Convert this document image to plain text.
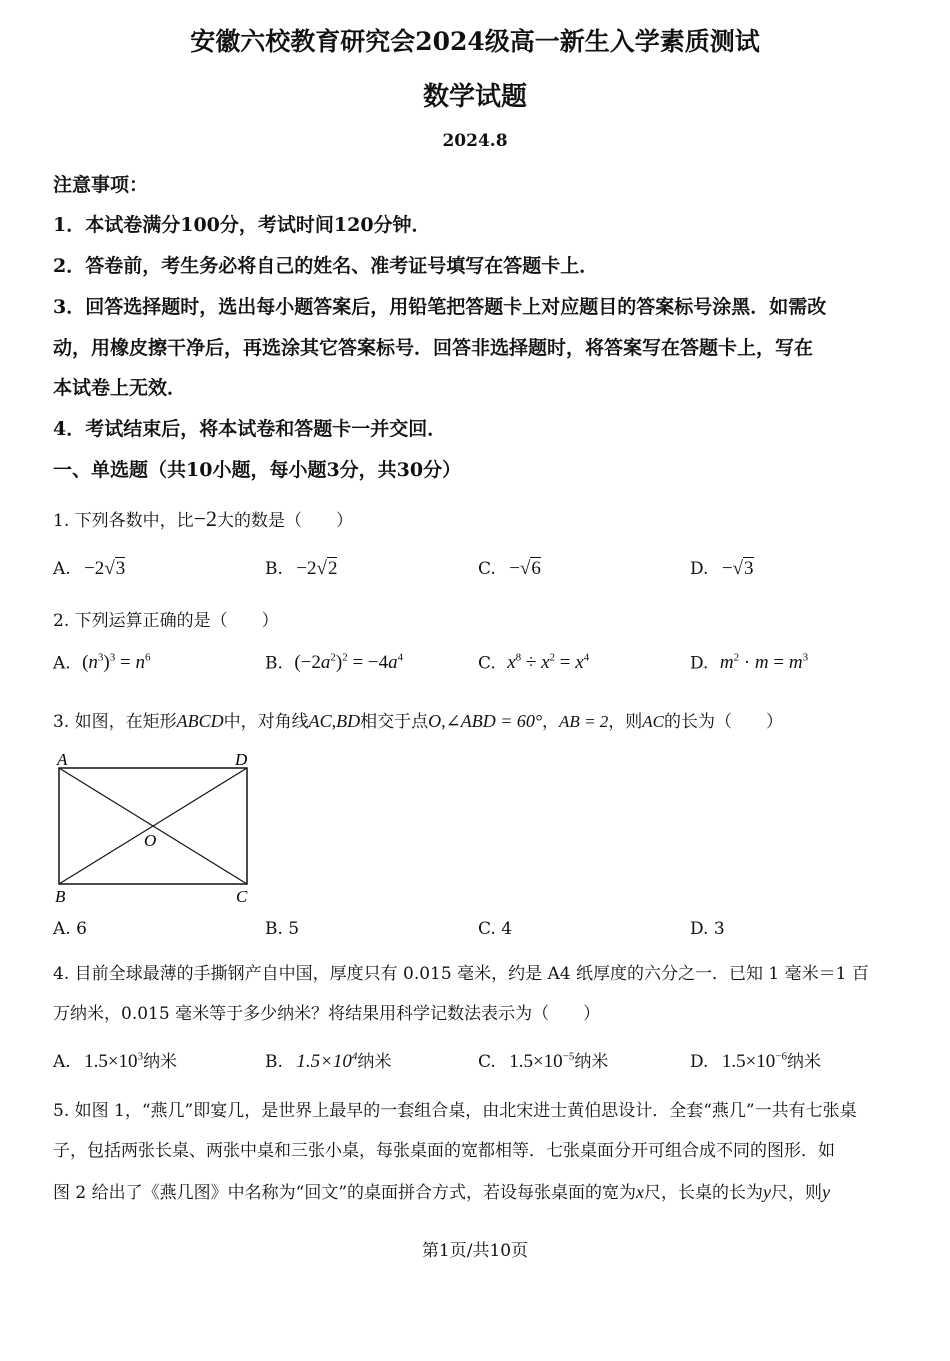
安徽六校教育研究会2024级高一新生入学素质测试
数学试题
2024.8
注意事项：
1．本试卷满分100分，考试时间120分钟．
2．答卷前，考生务必将自己的姓名、准考证号填写在答题卡上．
3．回答选择题时，选出每小题答案后，用铅笔把答题卡上对应题目的答案标号涂黑．如需改
动，用橡皮擦干净后，再选涂其它答案标号．回答非选择题时，将答案写在答题卡上，写在
本试卷上无效．
4．考试结束后，将本试卷和答题卡一并交回．
一、单选题（共10小题，每小题3分，共30分）
1. 下列各数中，比−2大的数是（　　）
A. −2√3	B. −2√2	C. −√6	D. −√3
2. 下列运算正确的是（　　）
A. $(n^3)^3 = n^6$	B. $(-2a^2)^2 = -4a^4$	C. $x^8 \div x^2 = x^4$	D. $m^2 \cdot m = m^3$
3. 如图，在矩形ABCD中，对角线AC,BD相交于点O,∠ABD = 60°，AB = 2，则AC的长为（　　）
A	D
B	C
O
A. 6	B. 5	C. 4	D. 3
4. 目前全球最薄的手撕钢产自中国，厚度只有 0.015 毫米，约是 A4 纸厚度的六分之一．已知 1 毫米＝1 百
万纳米，0.015 毫米等于多少纳米？将结果用科学记数法表示为（　　）
A. $1.5\times 10^3$纳米	B. $1.5\times 10^4$纳米	C. $1.5\times 10^{-5}$纳米	D. $1.5\times 10^{-6}$纳米
5. 如图 1，“燕几”即宴几，是世界上最早的一套组合桌，由北宋进士黄伯思设计．全套“燕几”一共有七张桌
子，包括两张长桌、两张中桌和三张小桌，每张桌面的宽都相等．七张桌面分开可组合成不同的图形．如
图 2 给出了《燕几图》中名称为“回文”的桌面拼合方式，若设每张桌面的宽为x尺，长桌的长为y尺，则y
第1页/共10页
